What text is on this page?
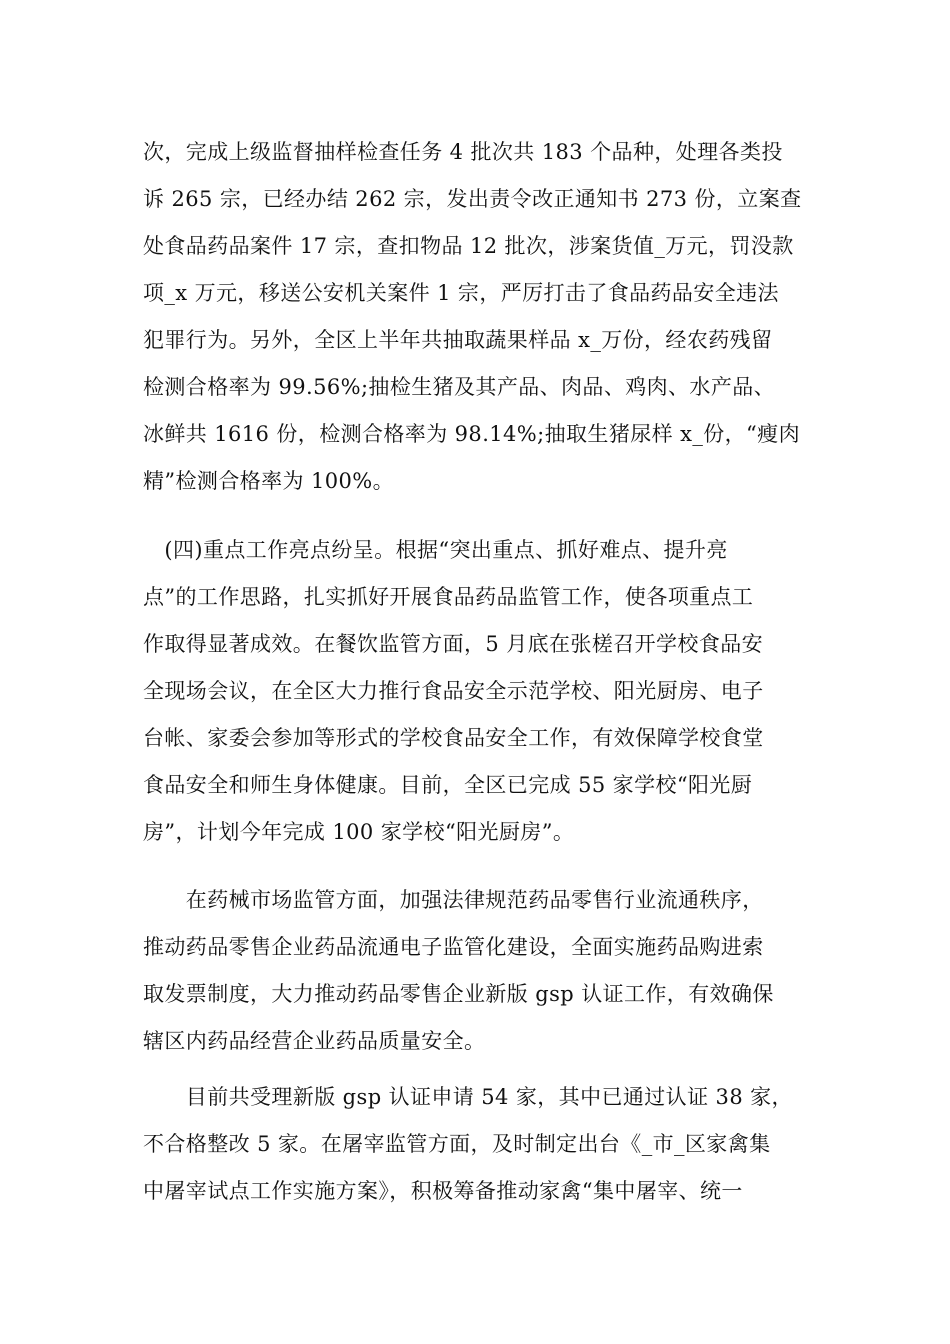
次，完成上级监督抽样检查任务 4 批次共 183 个品种，处理各类投
诉 265 宗，已经办结 262 宗，发出责令改正通知书 273 份，立案查
处食品药品案件 17 宗，查扣物品 12 批次，涉案货值_万元，罚没款
项_x 万元，移送公安机关案件 1 宗，严厉打击了食品药品安全违法
犯罪行为。另外，全区上半年共抽取蔬果样品 x_万份，经农药残留
检测合格率为 99.56%;抽检生猪及其产品、肉品、鸡肉、水产品、
冰鲜共 1616 份，检测合格率为 98.14%;抽取生猪尿样 x_份，“瘦肉
精”检测合格率为 100%。
　(四)重点工作亮点纷呈。根据“突出重点、抓好难点、提升亮
点”的工作思路，扎实抓好开展食品药品监管工作，使各项重点工
作取得显著成效。在餐饮监管方面，5 月底在张槎召开学校食品安
全现场会议，在全区大力推行食品安全示范学校、阳光厨房、电子
台帐、家委会参加等形式的学校食品安全工作，有效保障学校食堂
食品安全和师生身体健康。目前，全区已完成 55 家学校“阳光厨
房”，计划今年完成 100 家学校“阳光厨房”。
　　在药械市场监管方面，加强法律规范药品零售行业流通秩序，
推动药品零售企业药品流通电子监管化建设，全面实施药品购进索
取发票制度，大力推动药品零售企业新版 gsp 认证工作，有效确保
辖区内药品经营企业药品质量安全。
　　目前共受理新版 gsp 认证申请 54 家，其中已通过认证 38 家，
不合格整改 5 家。在屠宰监管方面，及时制定出台《_市_区家禽集
中屠宰试点工作实施方案》，积极筹备推动家禽“集中屠宰、统一
